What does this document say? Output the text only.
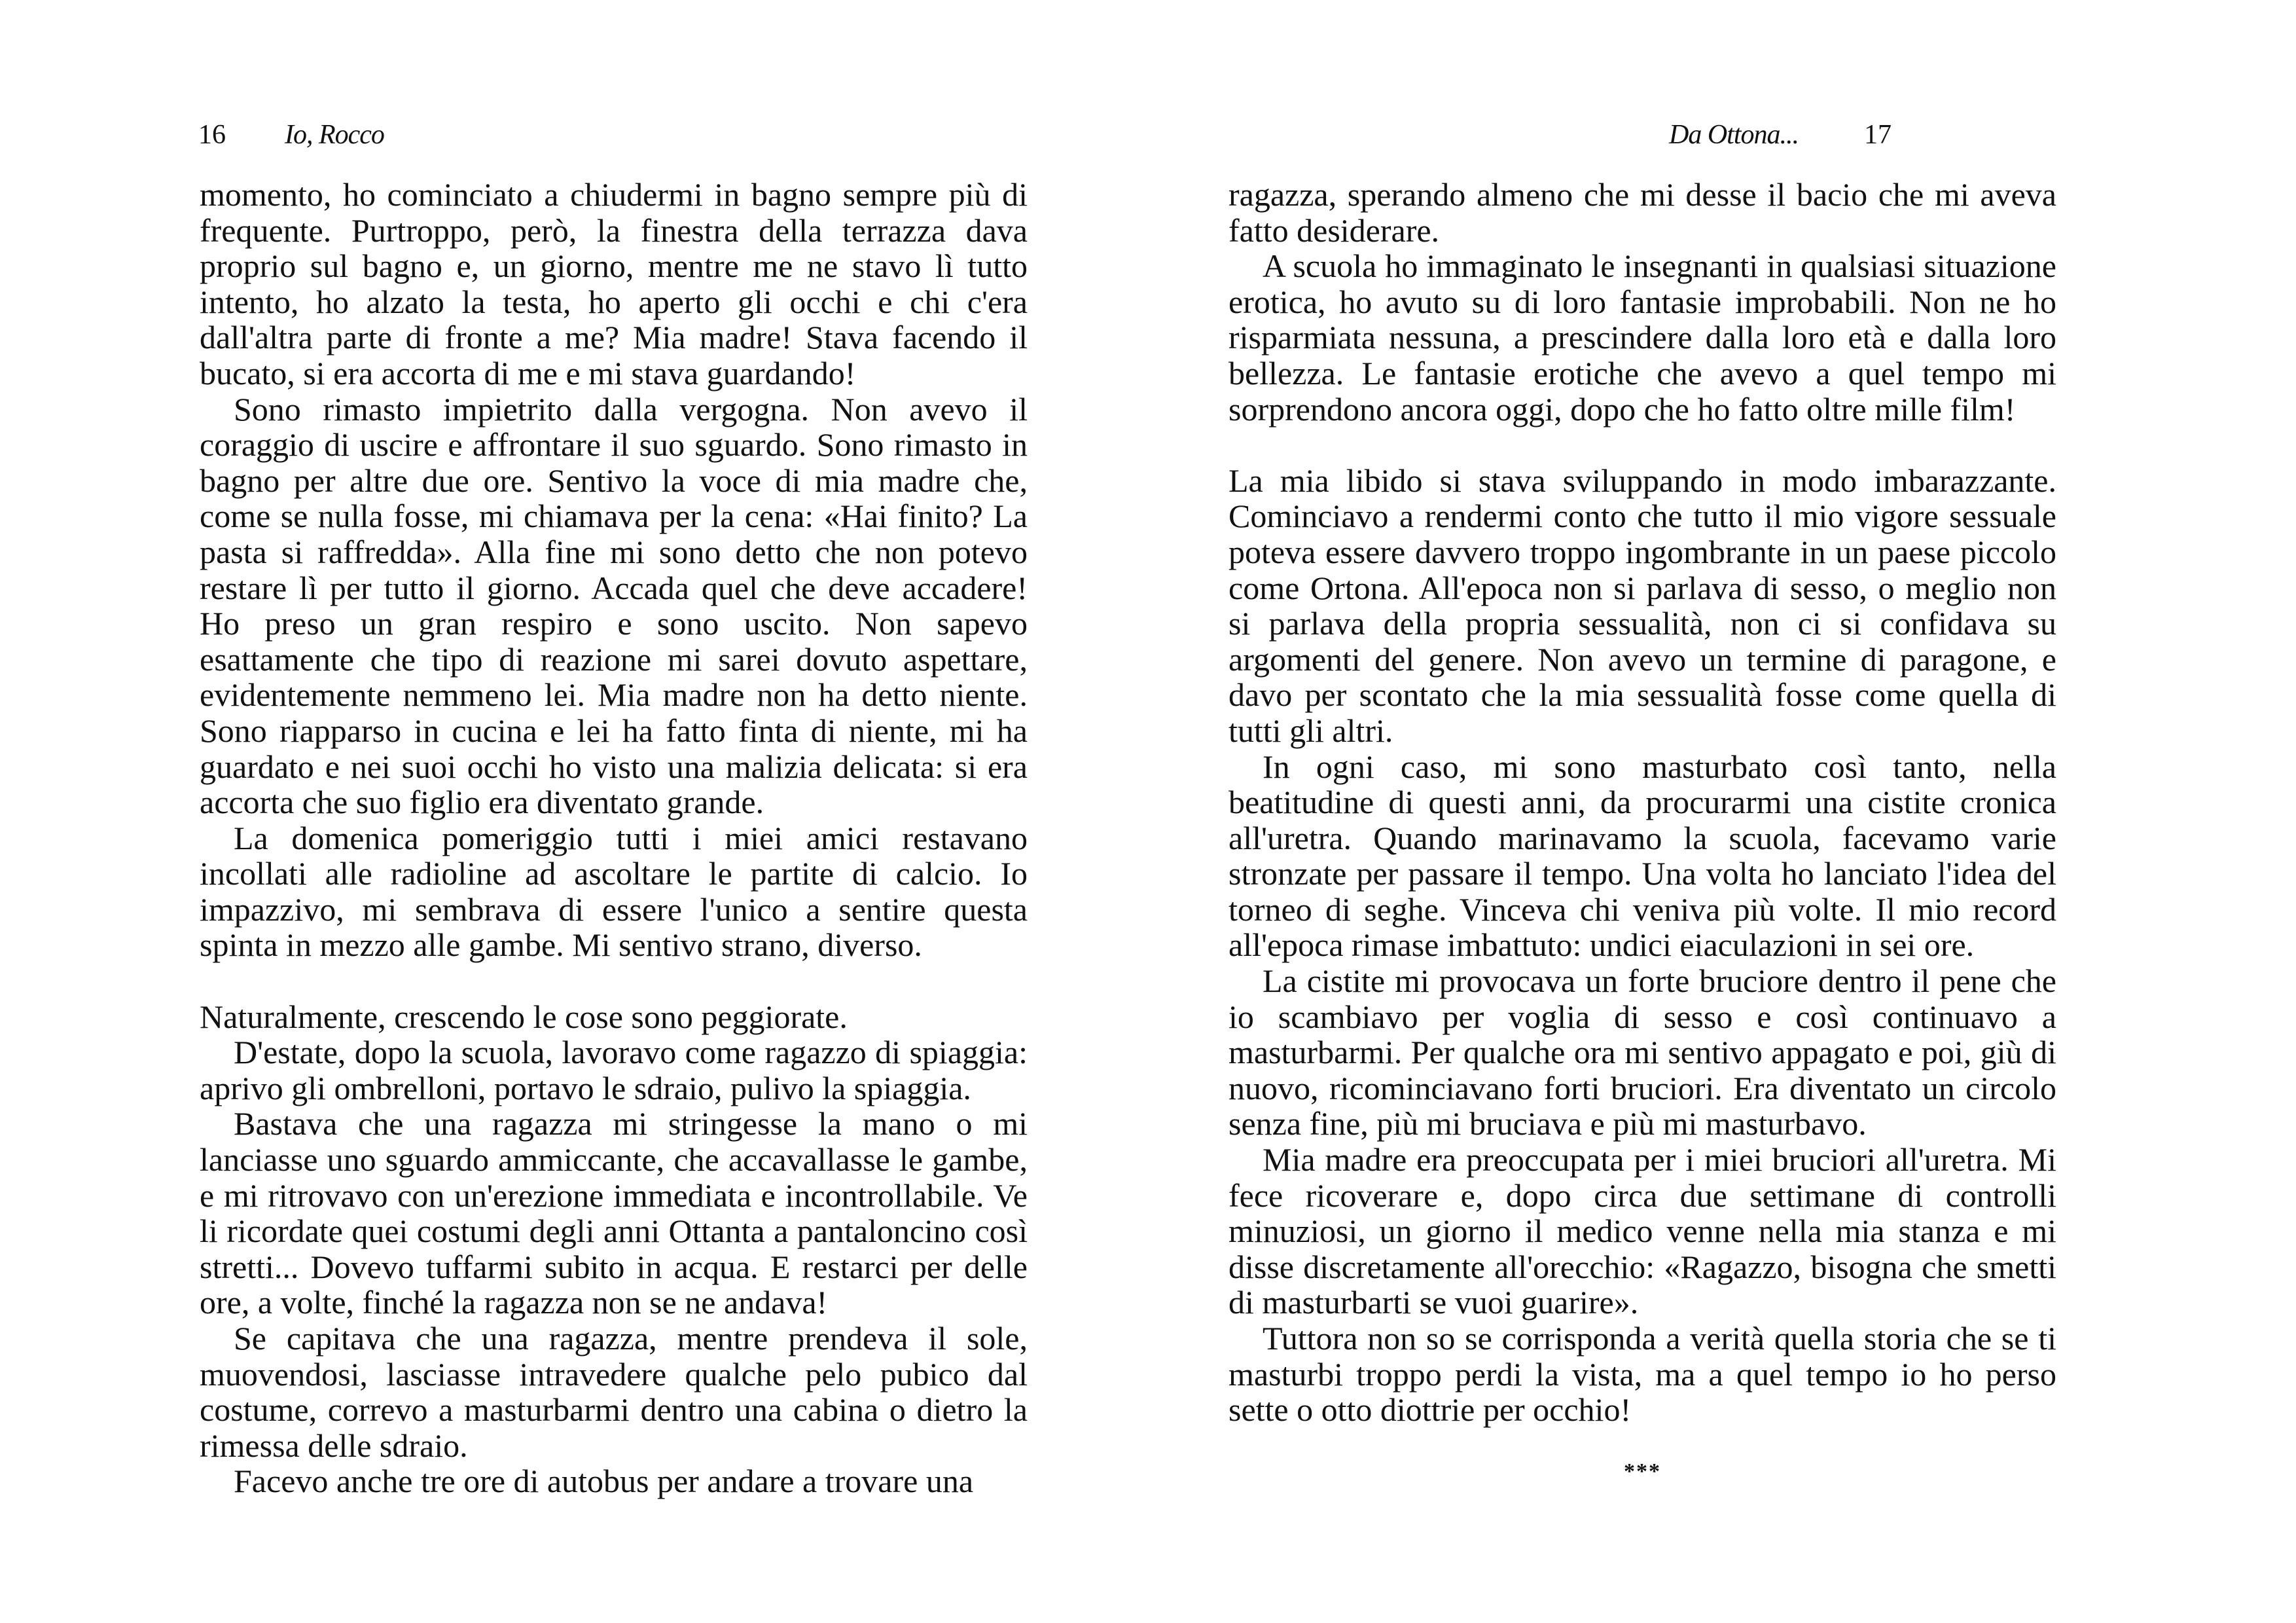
16 Io, Rocco

momento, ho cominciato a chiudermi in bagno sempre più di frequente. Purtroppo, però, la finestra della terrazza dava proprio sul bagno e, un giorno, mentre me ne stavo lì tutto intento, ho alzato la testa, ho aperto gli occhi e chi c'era dall'altra parte di fronte a me? Mia madre! Stava facendo il bucato, si era accorta di me e mi stava guardando!

Sono rimasto impietrito dalla vergogna. Non avevo il coraggio di uscire e affrontare il suo sguardo. Sono rimasto in bagno per altre due ore. Sentivo la voce di mia madre che, come se nulla fosse, mi chiamava per la cena: «Hai finito? La pasta si raffredda». Alla fine mi sono detto che non potevo restare lì per tutto il giorno. Accada quel che deve accadere! Ho preso un gran respiro e sono uscito. Non sapevo esattamente che tipo di reazione mi sarei dovuto aspettare, evidentemente nemmeno lei. Mia madre non ha detto niente. Sono riapparso in cucina e lei ha fatto finta di niente, mi ha guardato e nei suoi occhi ho visto una malizia delicata: si era accorta che suo figlio era diventato grande.

La domenica pomeriggio tutti i miei amici restavano incollati alle radioline ad ascoltare le partite di calcio. Io impazzivo, mi sembrava di essere l'unico a sentire questa spinta in mezzo alle gambe. Mi sentivo strano, diverso.

Naturalmente, crescendo le cose sono peggiorate.

D'estate, dopo la scuola, lavoravo come ragazzo di spiaggia: aprivo gli ombrelloni, portavo le sdraio, pulivo la spiaggia.

Bastava che una ragazza mi stringesse la mano o mi lanciasse uno sguardo ammiccante, che accavallasse le gambe, e mi ritrovavo con un'erezione immediata e incontrollabile. Ve li ricordate quei costumi degli anni Ottanta a pantaloncino così stretti... Dovevo tuffarmi subito in acqua. E restarci per delle ore, a volte, finché la ragazza non se ne andava!

Se capitava che una ragazza, mentre prendeva il sole, muovendosi, lasciasse intravedere qualche pelo pubico dal costume, correvo a masturbarmi dentro una cabina o dietro la rimessa delle sdraio.

Facevo anche tre ore di autobus per andare a trovare una

Da Ottona... 17

ragazza, sperando almeno che mi desse il bacio che mi aveva fatto desiderare.

A scuola ho immaginato le insegnanti in qualsiasi situazione erotica, ho avuto su di loro fantasie improbabili. Non ne ho risparmiata nessuna, a prescindere dalla loro età e dalla loro bellezza. Le fantasie erotiche che avevo a quel tempo mi sorprendono ancora oggi, dopo che ho fatto oltre mille film!

La mia libido si stava sviluppando in modo imbarazzante. Cominciavo a rendermi conto che tutto il mio vigore sessuale poteva essere davvero troppo ingombrante in un paese piccolo come Ortona. All'epoca non si parlava di sesso, o meglio non si parlava della propria sessualità, non ci si confidava su argomenti del genere. Non avevo un termine di paragone, e davo per scontato che la mia sessualità fosse come quella di tutti gli altri.

In ogni caso, mi sono masturbato così tanto, nella beatitudine di questi anni, da procurarmi una cistite cronica all'uretra. Quando marinavamo la scuola, facevamo varie stronzate per passare il tempo. Una volta ho lanciato l'idea del torneo di seghe. Vinceva chi veniva più volte. Il mio record all'epoca rimase imbattuto: undici eiaculazioni in sei ore.

La cistite mi provocava un forte bruciore dentro il pene che io scambiavo per voglia di sesso e così continuavo a masturbarmi. Per qualche ora mi sentivo appagato e poi, giù di nuovo, ricominciavano forti bruciori. Era diventato un circolo senza fine, più mi bruciava e più mi masturbavo.

Mia madre era preoccupata per i miei bruciori all'uretra. Mi fece ricoverare e, dopo circa due settimane di controlli minuziosi, un giorno il medico venne nella mia stanza e mi disse discretamente all'orecchio: «Ragazzo, bisogna che smetti di masturbarti se vuoi guarire».

Tuttora non so se corrisponda a verità quella storia che se ti masturbi troppo perdi la vista, ma a quel tempo io ho perso sette o otto diottrie per occhio!

***
